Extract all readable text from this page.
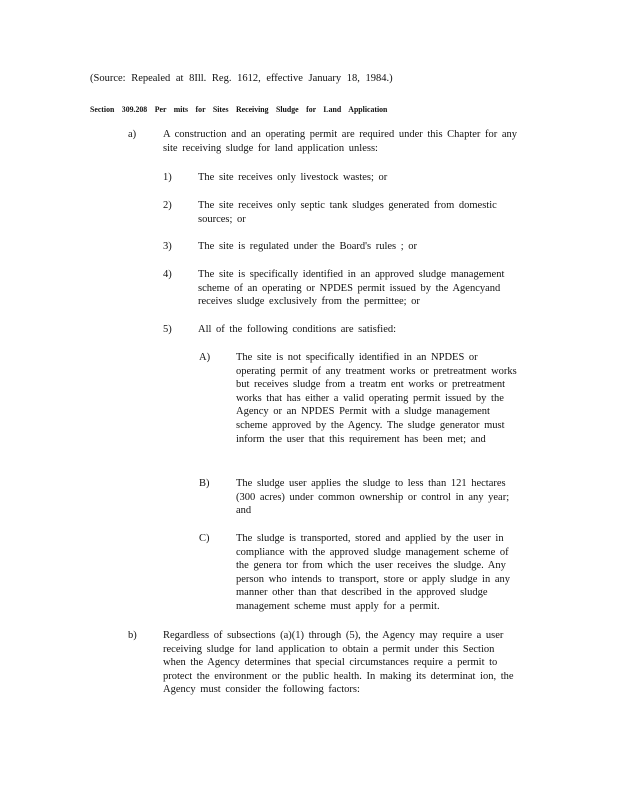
(Source: Repealed at 8Ill. Reg. 1612, effective January 18, 1984.)
Section 309.208 Per mits for Sites Receiving Sludge for Land Application
a)	A construction and an operating permit are required under this Chapter for any site receiving sludge for land application unless:
1)	The site receives only livestock wastes; or
2)	The site receives only septic tank sludges generated from domestic sources; or
3)	The site is regulated under the Board's rules ; or
4)	The site is specifically identified in an approved sludge management scheme of an operating or NPDES permit issued by the Agencyand receives sludge exclusively from the permittee; or
5)	All of the following conditions are satisfied:
A) The site is not specifically identified in an NPDES or operating permit of any treatment works or pretreatment works but receives sludge from a treatm ent works or pretreatment works that has either a valid operating permit issued by the Agency or an NPDES Permit with a sludge management scheme approved by the Agency. The sludge generator must inform the user that this requirement has been met; and
B)	The sludge user applies the sludge to less than 121 hectares (300 acres) under common ownership or control in any year; and
C)	The sludge is transported, stored and applied by the user in compliance with the approved sludge management scheme of the genera tor from which the user receives the sludge. Any person who intends to transport, store or apply sludge in any manner other than that described in the approved sludge management scheme must apply for a permit.
b)	Regardless of subsections (a)(1) through (5), the Agency may require a user receiving sludge for land application to obtain a permit under this Section when the Agency determines that special circumstances require a permit to protect the environment or the public health. In making its determinat ion, the Agency must consider the following factors:
